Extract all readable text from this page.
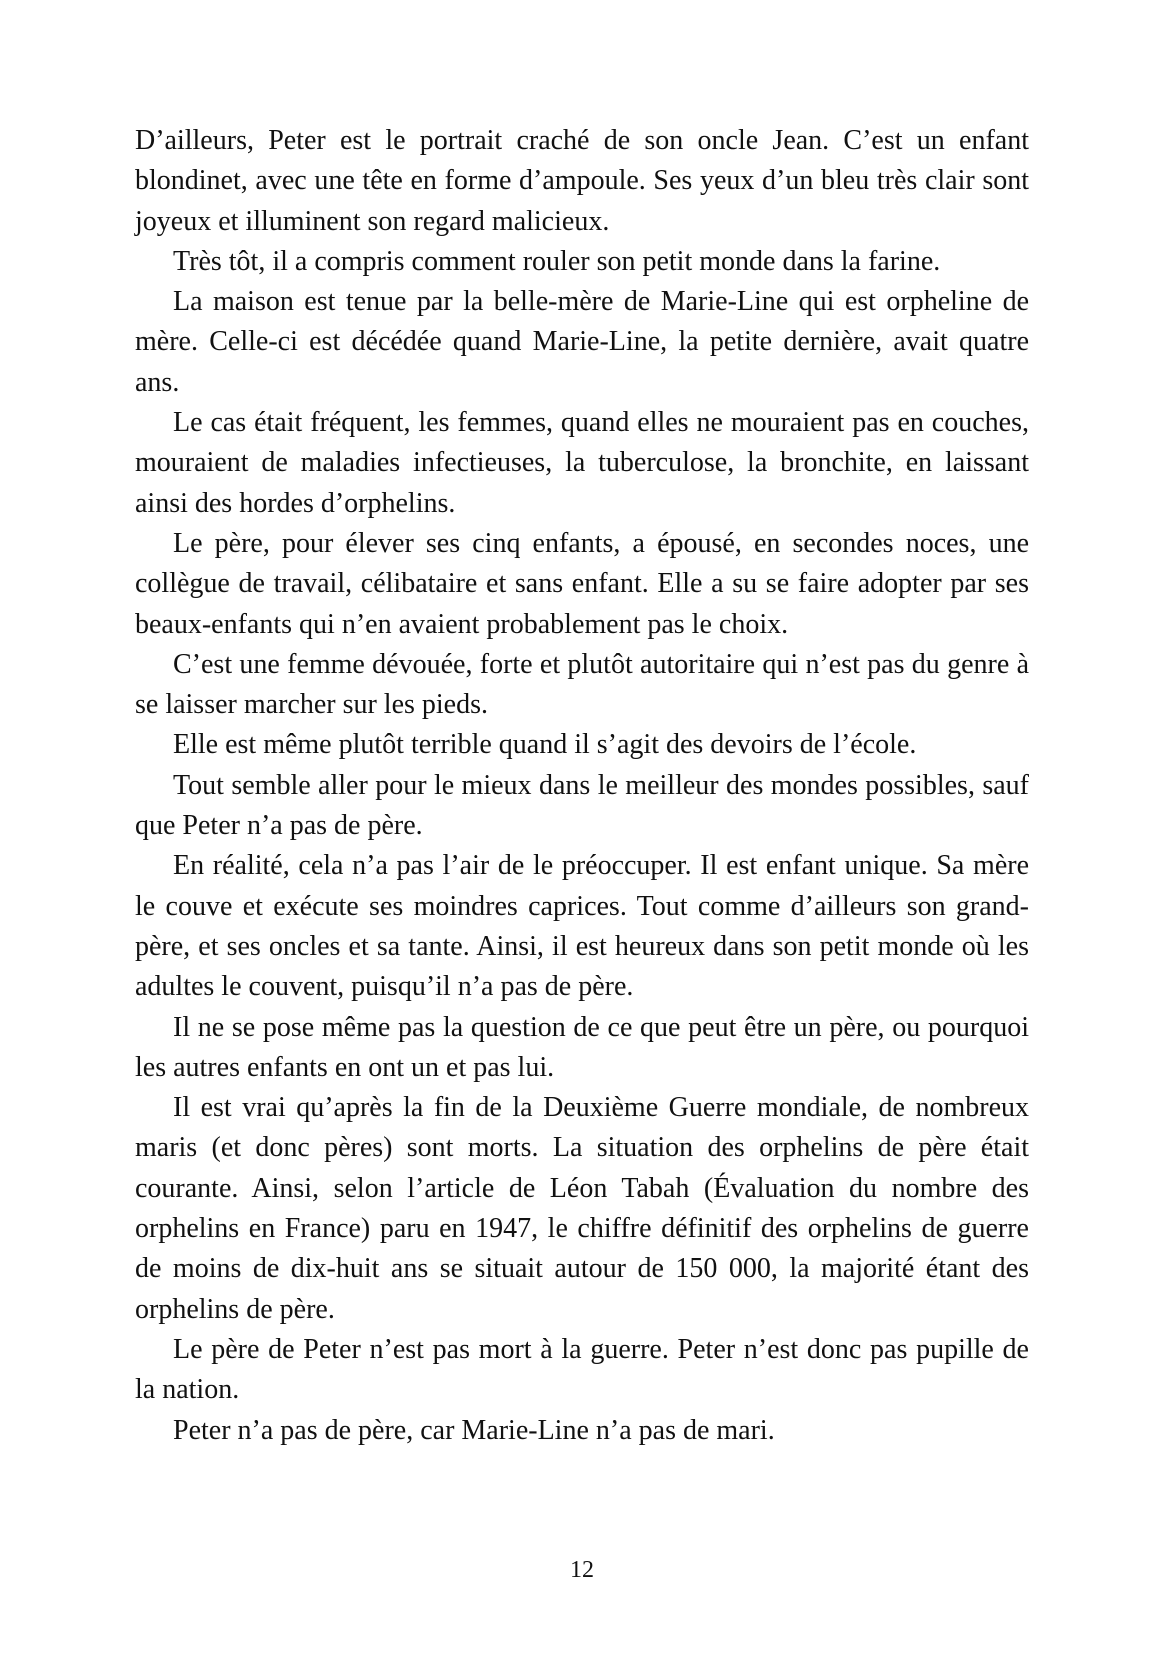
D’ailleurs, Peter est le portrait craché de son oncle Jean. C’est un enfant blondinet, avec une tête en forme d’ampoule. Ses yeux d’un bleu très clair sont joyeux et illuminent son regard malicieux.

Très tôt, il a compris comment rouler son petit monde dans la farine.

La maison est tenue par la belle-mère de Marie-Line qui est orpheline de mère. Celle-ci est décédée quand Marie-Line, la petite dernière, avait quatre ans.

Le cas était fréquent, les femmes, quand elles ne mouraient pas en couches, mouraient de maladies infectieuses, la tuberculose, la bronchite, en laissant ainsi des hordes d’orphelins.

Le père, pour élever ses cinq enfants, a épousé, en secondes noces, une collègue de travail, célibataire et sans enfant. Elle a su se faire adopter par ses beaux-enfants qui n’en avaient probablement pas le choix.

C’est une femme dévouée, forte et plutôt autoritaire qui n’est pas du genre à se laisser marcher sur les pieds.

Elle est même plutôt terrible quand il s’agit des devoirs de l’école.

Tout semble aller pour le mieux dans le meilleur des mondes possibles, sauf que Peter n’a pas de père.

En réalité, cela n’a pas l’air de le préoccuper. Il est enfant unique. Sa mère le couve et exécute ses moindres caprices. Tout comme d’ailleurs son grand-père, et ses oncles et sa tante. Ainsi, il est heureux dans son petit monde où les adultes le couvent, puisqu’il n’a pas de père.

Il ne se pose même pas la question de ce que peut être un père, ou pourquoi les autres enfants en ont un et pas lui.

Il est vrai qu’après la fin de la Deuxième Guerre mondiale, de nombreux maris (et donc pères) sont morts. La situation des orphelins de père était courante. Ainsi, selon l’article de Léon Tabah (Évaluation du nombre des orphelins en France) paru en 1947, le chiffre définitif des orphelins de guerre de moins de dix-huit ans se situait autour de 150 000, la majorité étant des orphelins de père.

Le père de Peter n’est pas mort à la guerre. Peter n’est donc pas pupille de la nation.

Peter n’a pas de père, car Marie-Line n’a pas de mari.

12
